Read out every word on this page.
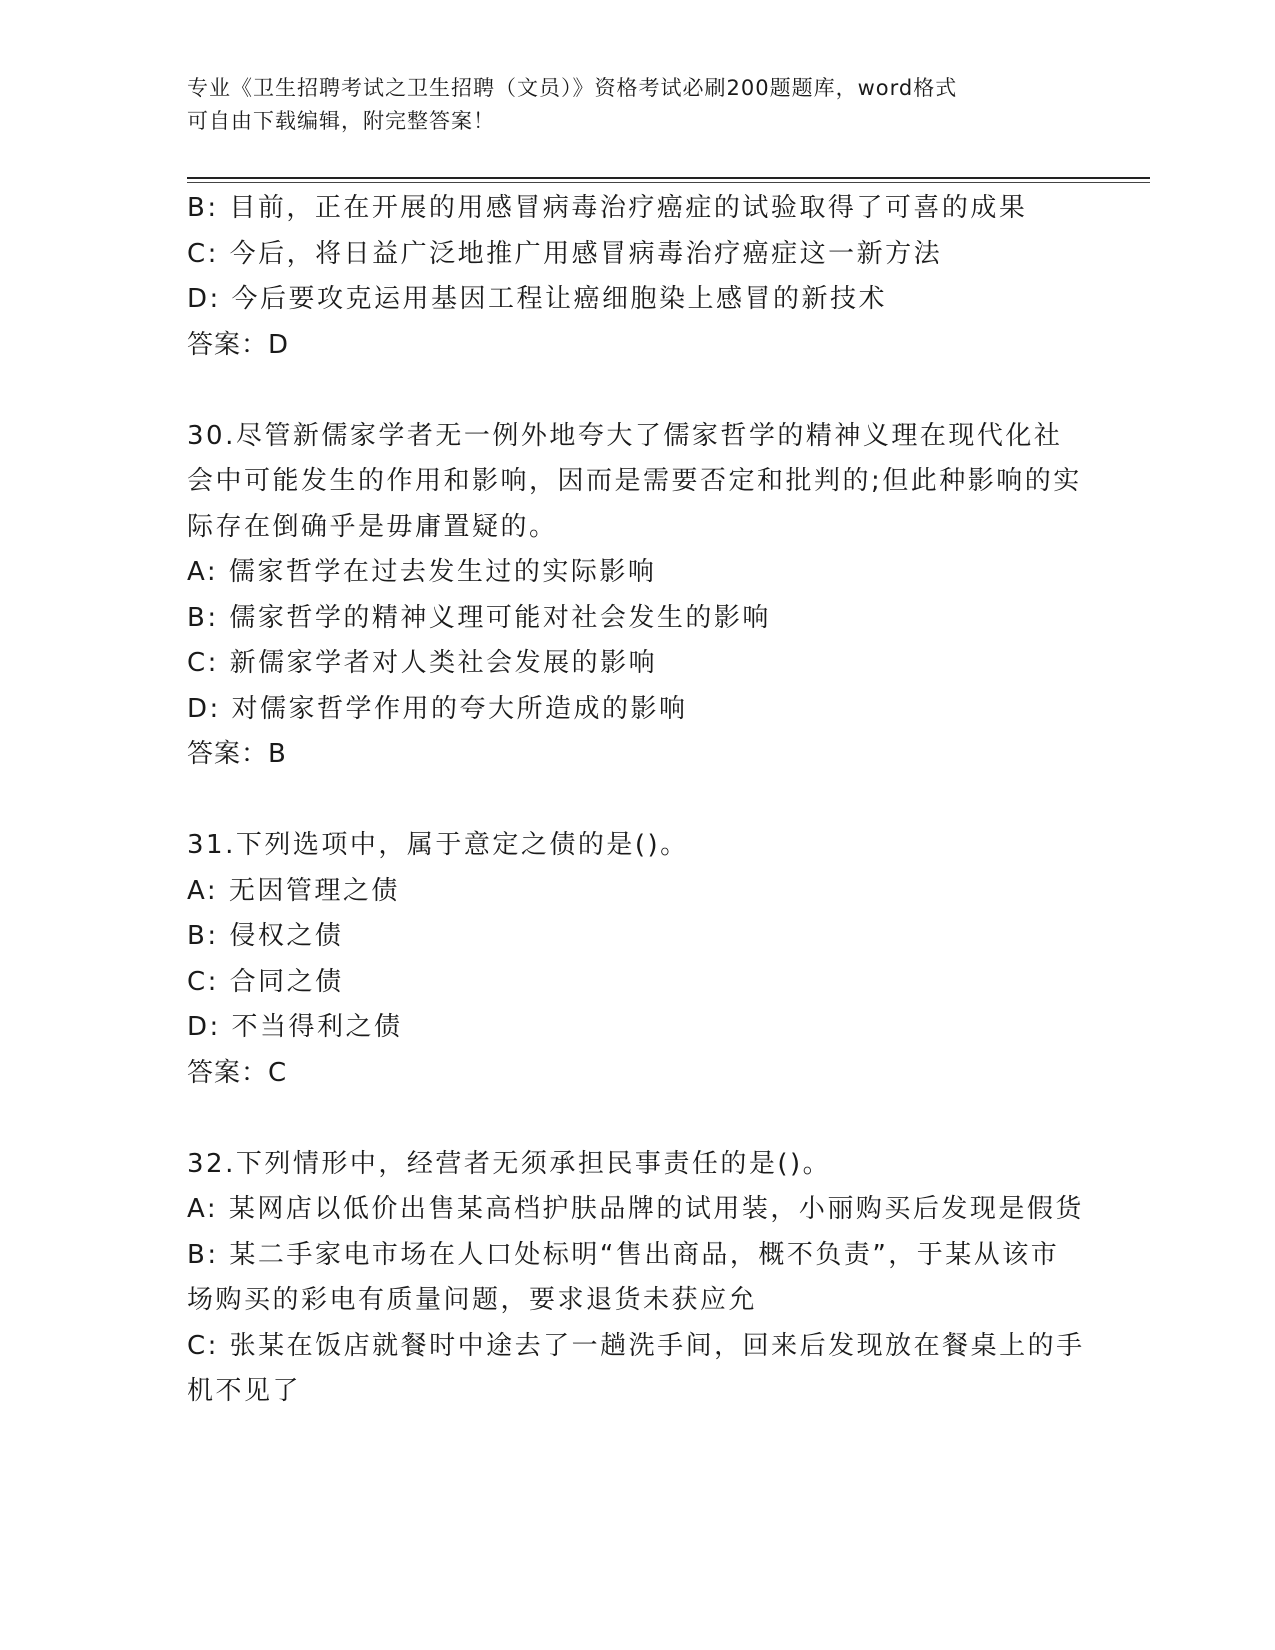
专业《卫生招聘考试之卫生招聘（文员）》资格考试必刷200题题库，word格式
可自由下载编辑，附完整答案！

B: 目前，正在开展的用感冒病毒治疗癌症的试验取得了可喜的成果

C: 今后，将日益广泛地推广用感冒病毒治疗癌症这一新方法

D: 今后要攻克运用基因工程让癌细胞染上感冒的新技术

答案：D

30.尽管新儒家学者无一例外地夸大了儒家哲学的精神义理在现代化社会中可能发生的作用和影响，因而是需要否定和批判的;但此种影响的实际存在倒确乎是毋庸置疑的。

A: 儒家哲学在过去发生过的实际影响

B: 儒家哲学的精神义理可能对社会发生的影响

C: 新儒家学者对人类社会发展的影响

D: 对儒家哲学作用的夸大所造成的影响

答案：B

31.下列选项中，属于意定之债的是()。

A: 无因管理之债

B: 侵权之债

C: 合同之债

D: 不当得利之债

答案：C

32.下列情形中，经营者无须承担民事责任的是()。

A: 某网店以低价出售某高档护肤品牌的试用装，小丽购买后发现是假货

B: 某二手家电市场在人口处标明“售出商品，概不负责”，于某从该市场购买的彩电有质量问题，要求退货未获应允

C: 张某在饭店就餐时中途去了一趟洗手间，回来后发现放在餐桌上的手机不见了
